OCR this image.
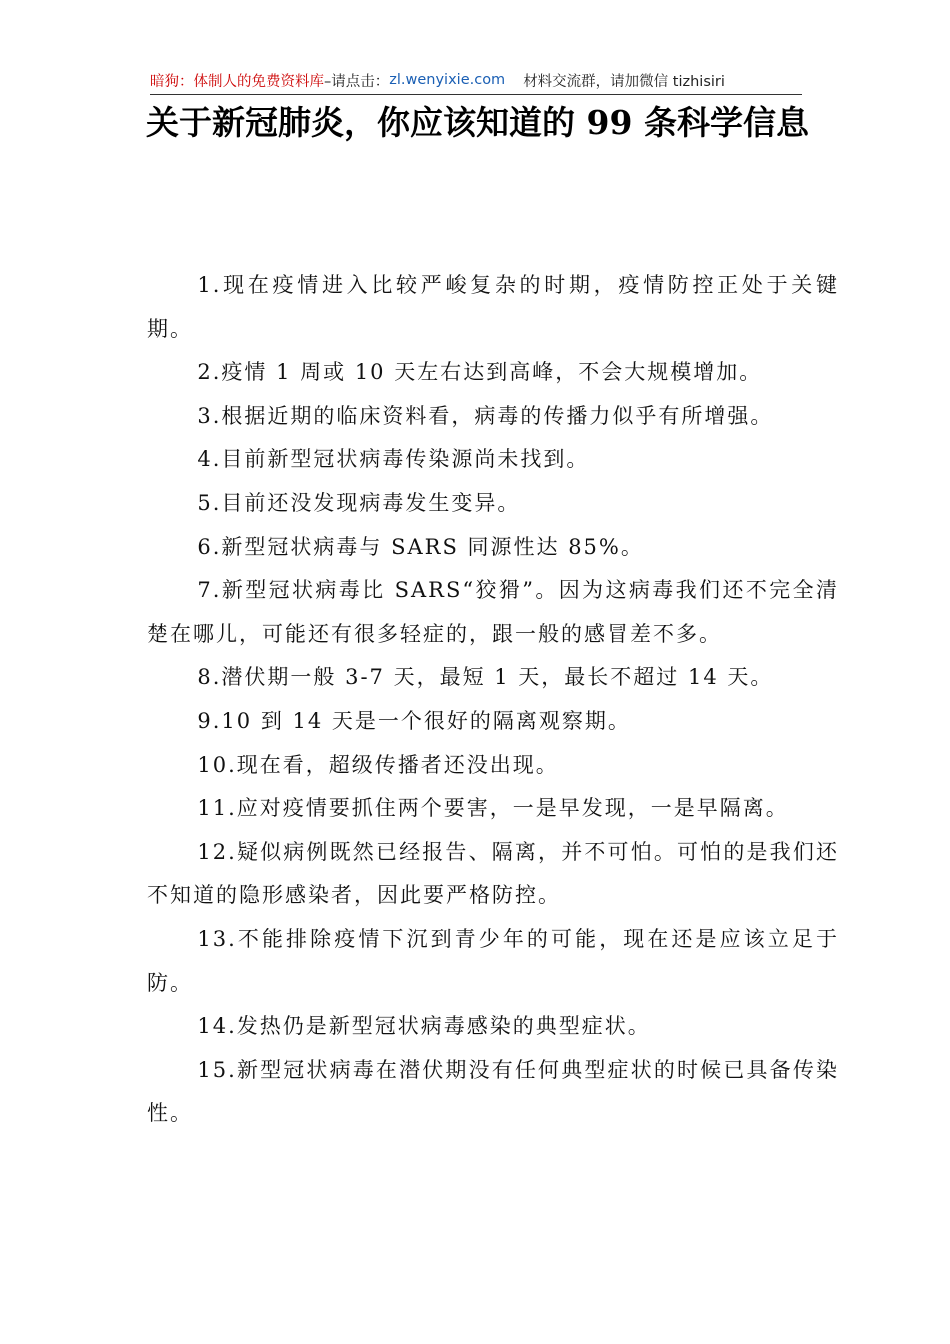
暗狗：体制人的免费资料库 –请点击： zl.wenyixie.com 材料交流群，请加微信 tizhisiri
关于新冠肺炎，你应该知道的 99 条科学信息

1.现在疫情进入比较严峻复杂的时期，疫情防控正处于关键期。

2.疫情 1 周或 10 天左右达到高峰，不会大规模增加。

3.根据近期的临床资料看，病毒的传播力似乎有所增强。

4.目前新型冠状病毒传染源尚未找到。

5.目前还没发现病毒发生变异。

6.新型冠状病毒与 SARS 同源性达 85%。

7.新型冠状病毒比 SARS“狡猾”。因为这病毒我们还不完全清楚在哪儿，可能还有很多轻症的，跟一般的感冒差不多。

8.潜伏期一般 3-7 天，最短 1 天，最长不超过 14 天。

9.10 到 14 天是一个很好的隔离观察期。

10.现在看，超级传播者还没出现。

11.应对疫情要抓住两个要害，一是早发现，一是早隔离。

12.疑似病例既然已经报告、隔离，并不可怕。可怕的是我们还不知道的隐形感染者，因此要严格防控。

13.不能排除疫情下沉到青少年的可能，现在还是应该立足于防。

14.发热仍是新型冠状病毒感染的典型症状。

15.新型冠状病毒在潜伏期没有任何典型症状的时候已具备传染性。
